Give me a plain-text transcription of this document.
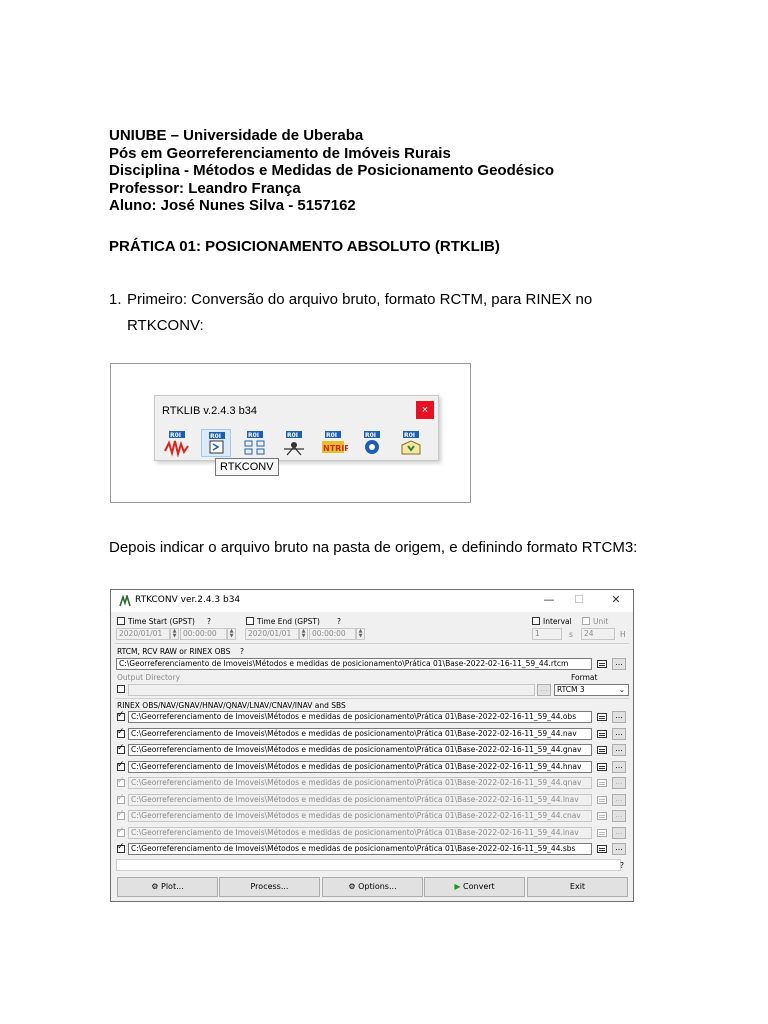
UNIUBE – Universidade de Uberaba
Pós em Georreferenciamento de Imóveis Rurais
Disciplina - Métodos e Medidas de Posicionamento Geodésico
Professor: Leandro França
Aluno: José Nunes Silva - 5157162
PRÁTICA 01: POSICIONAMENTO ABSOLUTO (RTKLIB)
1. Primeiro: Conversão do arquivo bruto, formato RCTM, para RINEX no
RTKCONV:
RTKLIB v.2.4.3 b34	×
R0I	R0I	R0I	R0I	R0I
NTRIP
R0I	R0I
RTKCONV
Depois indicar o arquivo bruto na pasta de origem, e definindo formato RTCM3:
RTKCONV ver.2.4.3 b34	—	☐	✕
Time Start (GPST) ?
2020/01/01	▲
▼ 00:00:00	▲
▼
Time End (GPST) ?
2020/01/01	▲
▼ 00:00:00	▲
▼
Interval	Unit
1	s	24	H
RTCM, RCV RAW or RINEX OBS ?
C:\Georreferenciamento de Imoveis\Métodos e medidas de posicionamento\Prática 01\Base-2022-02-16-11_59_44.rtcm	...
Output Directory	Format
...	RTCM 3	⌄
RINEX OBS/NAV/GNAV/HNAV/QNAV/LNAV/CNAV/INAV and SBS
✓
C:\Georreferenciamento de Imoveis\Métodos e medidas de posicionamento\Prática 01\Base-2022-02-16-11_59_44.obs	...
✓
C:\Georreferenciamento de Imoveis\Métodos e medidas de posicionamento\Prática 01\Base-2022-02-16-11_59_44.nav	...
✓
C:\Georreferenciamento de Imoveis\Métodos e medidas de posicionamento\Prática 01\Base-2022-02-16-11_59_44.gnav	...
✓
C:\Georreferenciamento de Imoveis\Métodos e medidas de posicionamento\Prática 01\Base-2022-02-16-11_59_44.hnav	...
✓
C:\Georreferenciamento de Imoveis\Métodos e medidas de posicionamento\Prática 01\Base-2022-02-16-11_59_44.qnav	...
✓
C:\Georreferenciamento de Imoveis\Métodos e medidas de posicionamento\Prática 01\Base-2022-02-16-11_59_44.lnav	...
✓
C:\Georreferenciamento de Imoveis\Métodos e medidas de posicionamento\Prática 01\Base-2022-02-16-11_59_44.cnav	...
✓
C:\Georreferenciamento de Imoveis\Métodos e medidas de posicionamento\Prática 01\Base-2022-02-16-11_59_44.inav	...
✓
C:\Georreferenciamento de Imoveis\Métodos e medidas de posicionamento\Prática 01\Base-2022-02-16-11_59_44.sbs	...
?
⚙ Plot...	Process...	⚙ Options...	▶ Convert	Exit
